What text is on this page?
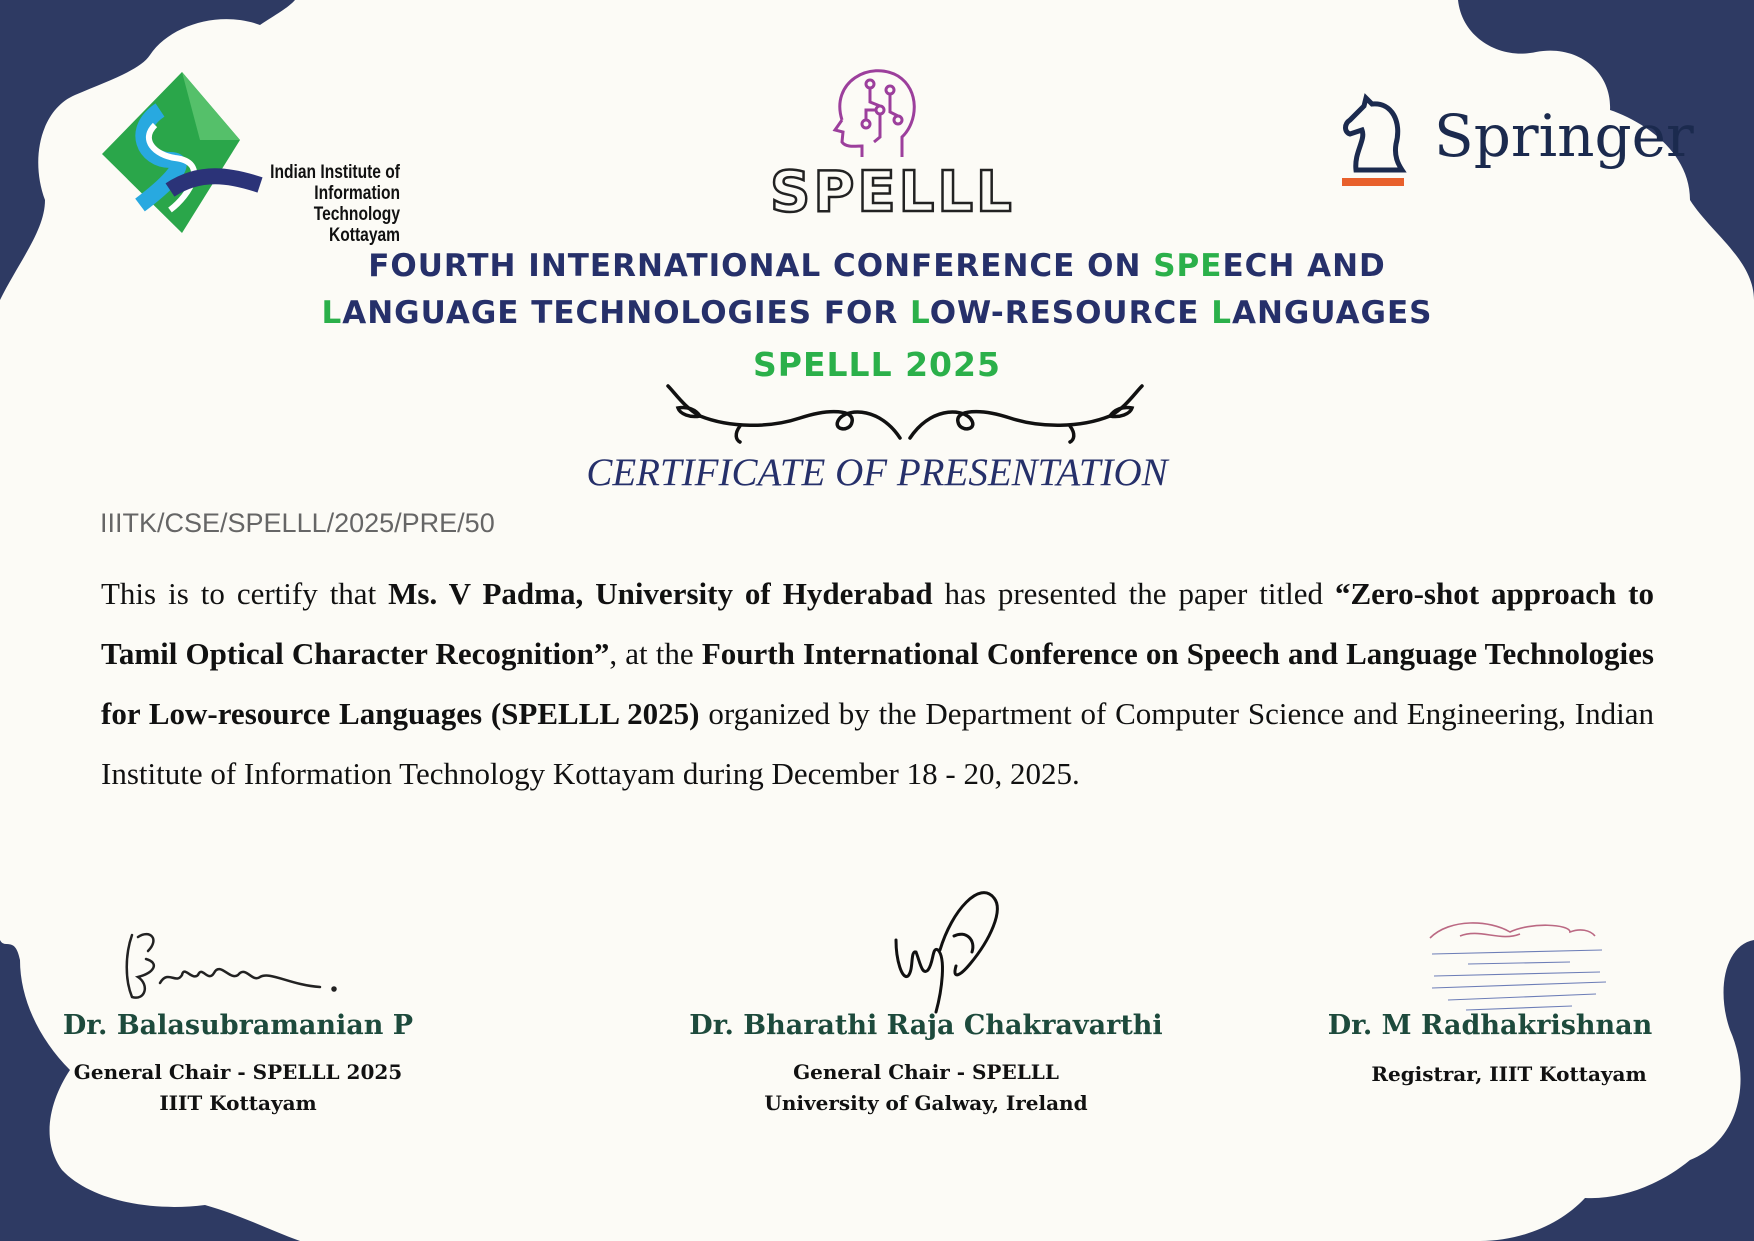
Indian Institute of
Information Technology
Kottayam
SPELLL
Springer
FOURTH INTERNATIONAL CONFERENCE ON SPEECH AND
LANGUAGE TECHNOLOGIES FOR LOW-RESOURCE LANGUAGES
SPELLL 2025
CERTIFICATE OF PRESENTATION
IIITK/CSE/SPELLL/2025/PRE/50
This is to certify that Ms. V Padma, University of Hyderabad has presented the paper titled “Zero-shot approach to Tamil Optical Character Recognition”, at the Fourth International Conference on Speech and Language Technologies for Low-resource Languages (SPELLL 2025) organized by the Department of Computer Science and Engineering, Indian Institute of Information Technology Kottayam during December 18 - 20, 2025.
Dr. Balasubramanian P
General Chair - SPELLL 2025
IIIT Kottayam
Dr. Bharathi Raja Chakravarthi
General Chair - SPELLL
University of Galway, Ireland
Dr. M Radhakrishnan
Registrar, IIIT Kottayam
